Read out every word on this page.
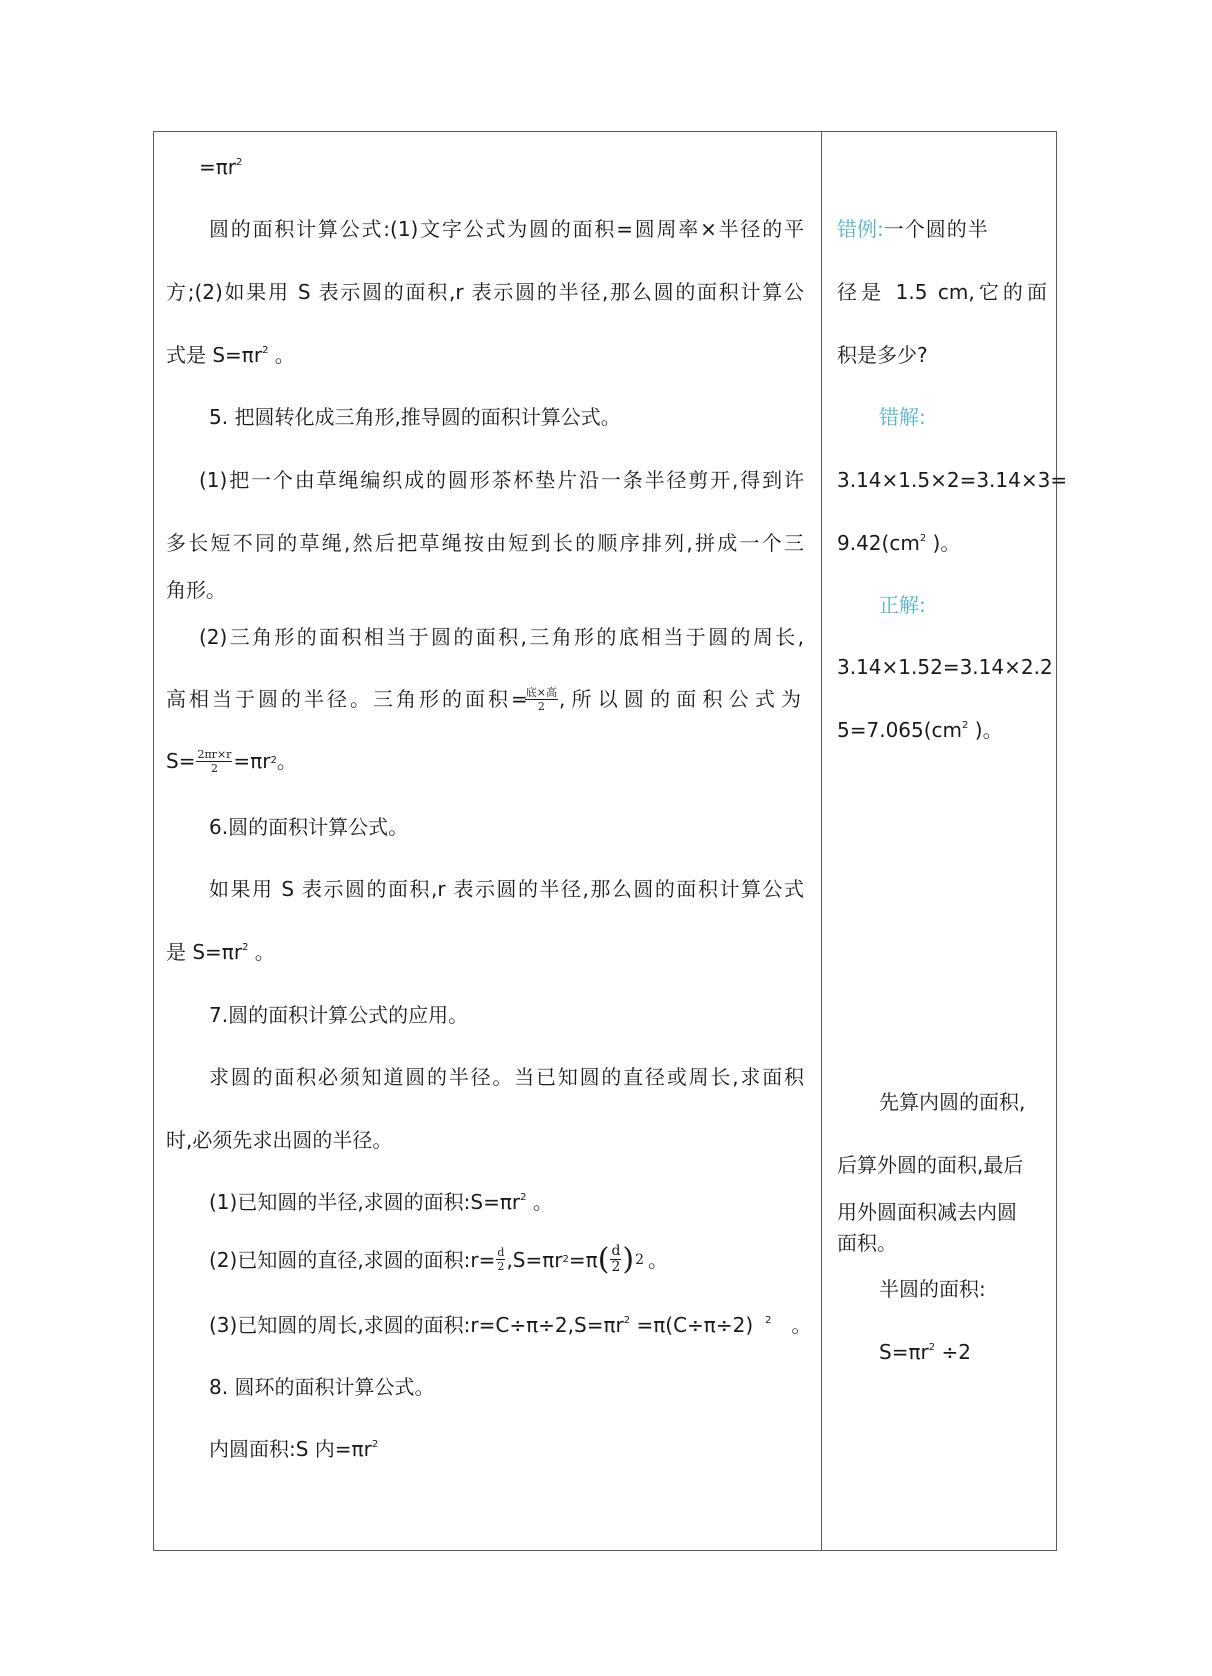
$=\pi r^2$
圆的面积计算公式:(1)文字公式为圆的面积=圆周率×半径的平
方;(2)如果用 S 表示圆的面积,r 表示圆的半径,那么圆的面积计算公
式是 $S=\pi r^2$ 。
5. 把圆转化成三角形,推导圆的面积计算公式。
(1)把一个由草绳编织成的圆形茶杯垫片沿一条半径剪开,得到许
多长短不同的草绳,然后把草绳按由短到长的顺序排列,拼成一个三
角形。
(2)三角形的面积相当于圆的面积,三角形的底相当于圆的周长,
高相当于圆的半径。三角形的面积=
$\frac{\text{底×高}}{2}$ ,所以圆的面积公式为
$S= \frac{2\pi r\times r}{2} =\pi r$ 2 。
6.圆的面积计算公式。
如果用 S 表示圆的面积,r 表示圆的半径,那么圆的面积计算公式
是 $S=\pi r^2$ 。
7.圆的面积计算公式的应用。
求圆的面积必须知道圆的半径。当已知圆的直径或周长,求面积
时,必须先求出圆的半径。
(1)已知圆的半径,求圆的面积$:S=\pi r^2$ 。
(2)已知圆的直径,求圆的面积:r= $\frac{d}{2} ,S=\pi r$ 2 =π ( $\frac{d}{2}$ ) 2 。
(3)已知圆的周长,求圆的面积$:r=C\div\pi\div 2,S=\pi r^2 =\pi(C\div\pi\div 2)$ $^2$ 。
8. 圆环的面积计算公式。
内圆面积:S 内$=\pi r^2$
错例:一个圆的半
径是 1.5 cm,它的面
积是多少?
错解:
3.14×1.5×2=3.14×3=
$9.42(cm^2$ )。
正解:
3.14×1.52=3.14×2.2
$5=7.065(cm^2$ )。
先算内圆的面积,
后算外圆的面积,最后
用外圆面积减去内圆
面积。
半圆的面积:
$S=\pi r^2 \div 2$
